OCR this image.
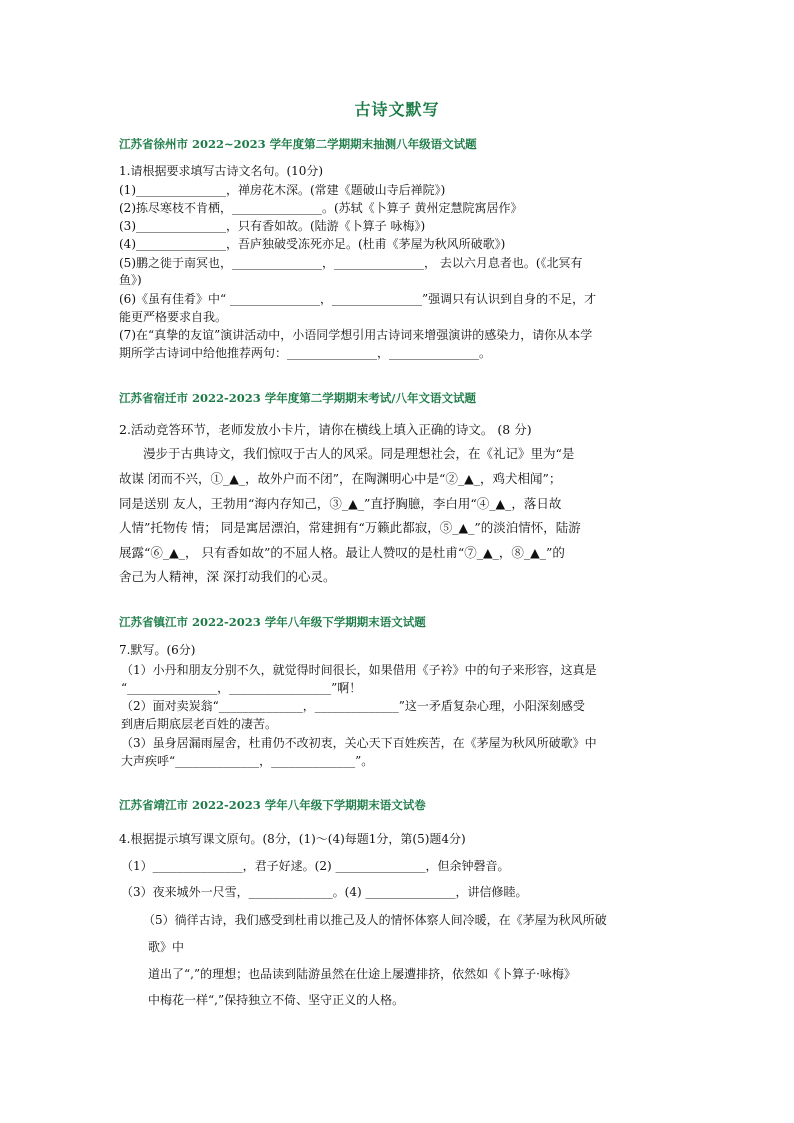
古诗文默写
江苏省徐州市 2022~2023 学年度第二学期期末抽测八年级语文试题
1.请根据要求填写古诗文名句。(10分)
(1)_______________，禅房花木深。(常建《题破山寺后禅院》)
(2)拣尽寒枝不肯栖，_______________。(苏轼《卜算子 黄州定慧院寓居作》
(3)_______________，只有香如故。(陆游《卜算子 咏梅》)
(4)_______________，吾庐独破受冻死亦足。(杜甫《茅屋为秋风所破歌》)
(5)鹏之徙于南冥也，_______________，_______________， 去以六月息者也。(《北冥有
鱼》)
(6)《虽有佳肴》中“ _______________，_______________”强调只有认识到自身的不足，才
能更严格要求自我。
(7)在“真挚的友谊”演讲活动中，小语同学想引用古诗词来增强演讲的感染力，请你从本学
期所学古诗词中给他推荐两句：_______________，_______________。
江苏省宿迁市 2022-2023 学年度第二学期期末考试/八年文语文试题
2.活动竞答环节，老师发放小卡片，请你在横线上填入正确的诗文。 (8 分)
漫步于古典诗文，我们惊叹于古人的风采。同是理想社会，在《礼记》里为“是
故谋 闭而不兴，①_▲_，故外户而不闭”，在陶渊明心中是“②_▲_，鸡犬相闻”；
同是送别 友人，王勃用“海内存知己，③_▲_”直抒胸臆，李白用“④_▲_，落日故
人情”托物传 情； 同是寓居漂泊，常建拥有“万籁此都寂，⑤_▲_”的淡泊情怀，陆游
展露“⑥_▲_， 只有香如故”的不屈人格。最让人赞叹的是杜甫“⑦_▲_，⑧_▲_”的
舍己为人精神，深 深打动我们的心灵。
江苏省镇江市 2022-2023 学年八年级下学期期末语文试题
7.默写。(6分)
（1）小丹和朋友分别不久，就觉得时间很长，如果借用《子衿》中的句子来形容，这真是
“_______________，_________________”啊！
（2）面对卖炭翁“______________，______________”这一矛盾复杂心理，小阳深刻感受
到唐后期底层老百姓的凄苦。
（3）虽身居漏雨屋舍，杜甫仍不改初衷，关心天下百姓疾苦，在《茅屋为秋风所破歌》中
大声疾呼“______________，______________”。
江苏省靖江市 2022-2023 学年八年级下学期期末语文试卷
4.根据提示填写课文原句。(8分，(1)～(4)每题1分，第(5)题4分)
（1）_______________，君子好逑。(2) _______________，但余钟磬音。
（3）夜来城外一尺雪，______________。(4) _______________，讲信修睦。
（5）徜徉古诗，我们感受到杜甫以推己及人的情怀体察人间冷暖，在《茅屋为秋风所破
歌》中
道出了“,”的理想；也品读到陆游虽然在仕途上屡遭排挤，依然如《卜算子·咏梅》
中梅花一样“,”保持独立不倚、坚守正义的人格。
